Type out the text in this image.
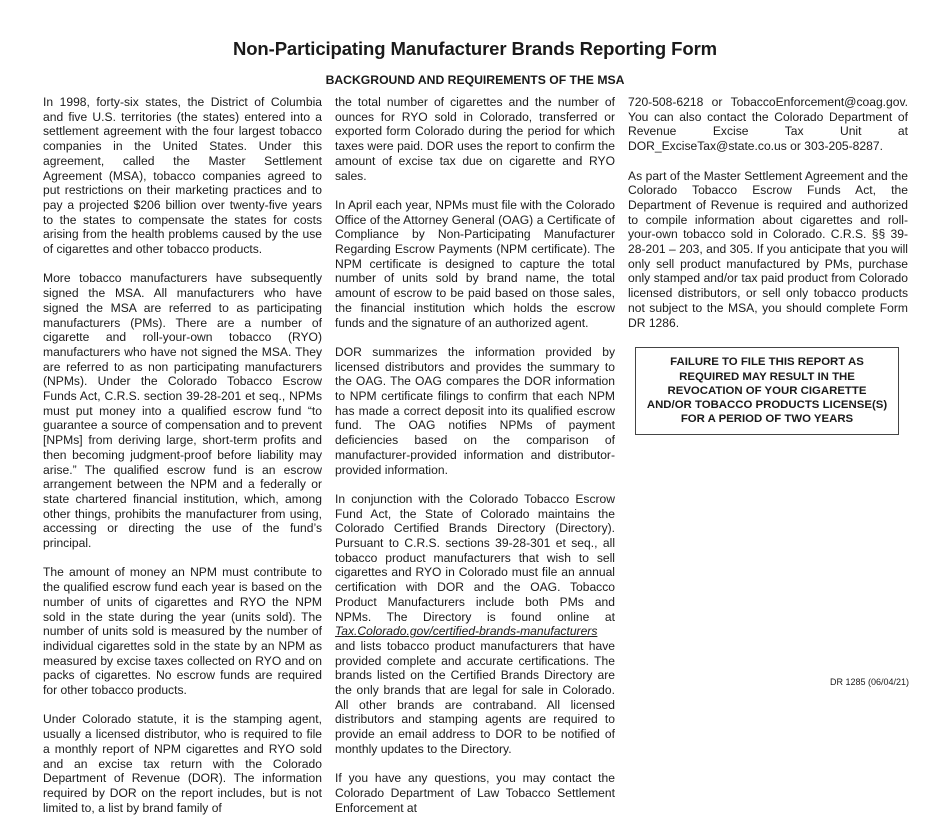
Non-Participating Manufacturer Brands Reporting Form
BACKGROUND AND REQUIREMENTS OF THE MSA

In 1998, forty-six states, the District of Columbia and five U.S. territories (the states) entered into a settlement agreement with the four largest tobacco companies in the United States. Under this agreement, called the Master Settlement Agreement (MSA), tobacco companies agreed to put restrictions on their marketing practices and to pay a projected $206 billion over twenty-five years to the states to compensate the states for costs arising from the health problems caused by the use of cigarettes and other tobacco products.

More tobacco manufacturers have subsequently signed the MSA. All manufacturers who have signed the MSA are referred to as participating manufacturers (PMs). There are a number of cigarette and roll-your-own tobacco (RYO) manufacturers who have not signed the MSA. They are referred to as non participating manufacturers (NPMs). Under the Colorado Tobacco Escrow Funds Act, C.R.S. section 39-28-201 et seq., NPMs must put money into a qualified escrow fund “to guarantee a source of compensation and to prevent [NPMs] from deriving large, short-term profits and then becoming judgment-proof before liability may arise.” The qualified escrow fund is an escrow arrangement between the NPM and a federally or state chartered financial institution, which, among other things, prohibits the manufacturer from using, accessing or directing the use of the fund’s principal.

The amount of money an NPM must contribute to the qualified escrow fund each year is based on the number of units of cigarettes and RYO the NPM sold in the state during the year (units sold). The number of units sold is measured by the number of individual cigarettes sold in the state by an NPM as measured by excise taxes collected on RYO and on packs of cigarettes. No escrow funds are required for other tobacco products.

Under Colorado statute, it is the stamping agent, usually a licensed distributor, who is required to file a monthly report of NPM cigarettes and RYO sold and an excise tax return with the Colorado Department of Revenue (DOR). The information required by DOR on the report includes, but is not limited to, a list by brand family of

the total number of cigarettes and the number of ounces for RYO sold in Colorado, transferred or exported form Colorado during the period for which taxes were paid. DOR uses the report to confirm the amount of excise tax due on cigarette and RYO sales.

In April each year, NPMs must file with the Colorado Office of the Attorney General (OAG) a Certificate of Compliance by Non-Participating Manufacturer Regarding Escrow Payments (NPM certificate). The NPM certificate is designed to capture the total number of units sold by brand name, the total amount of escrow to be paid based on those sales, the financial institution which holds the escrow funds and the signature of an authorized agent.

DOR summarizes the information provided by licensed distributors and provides the summary to the OAG. The OAG compares the DOR information to NPM certificate filings to confirm that each NPM has made a correct deposit into its qualified escrow fund. The OAG notifies NPMs of payment deficiencies based on the comparison of manufacturer-provided information and distributor-provided information.

In conjunction with the Colorado Tobacco Escrow Fund Act, the State of Colorado maintains the Colorado Certified Brands Directory (Directory). Pursuant to C.R.S. sections 39-28-301 et seq., all tobacco product manufacturers that wish to sell cigarettes and RYO in Colorado must file an annual certification with DOR and the OAG. Tobacco Product Manufacturers include both PMs and NPMs. The Directory is found online at Tax.Colorado.gov/certified-brands-manufacturers and lists tobacco product manufacturers that have provided complete and accurate certifications. The brands listed on the Certified Brands Directory are the only brands that are legal for sale in Colorado. All other brands are contraband. All licensed distributors and stamping agents are required to provide an email address to DOR to be notified of monthly updates to the Directory.

If you have any questions, you may contact the Colorado Department of Law Tobacco Settlement Enforcement at

720-508-6218 or TobaccoEnforcement@coag.gov. You can also contact the Colorado Department of Revenue Excise Tax Unit at DOR_ExciseTax@state.co.us or 303-205-8287.

As part of the Master Settlement Agreement and the Colorado Tobacco Escrow Funds Act, the Department of Revenue is required and authorized to compile information about cigarettes and roll-your-own tobacco sold in Colorado. C.R.S. §§ 39-28-201 – 203, and 305. If you anticipate that you will only sell product manufactured by PMs, purchase only stamped and/or tax paid product from Colorado licensed distributors, or sell only tobacco products not subject to the MSA, you should complete Form DR 1286.

FAILURE TO FILE THIS REPORT AS
REQUIRED MAY RESULT IN THE
REVOCATION OF YOUR CIGARETTE
AND/OR TOBACCO PRODUCTS LICENSE(S)
FOR A PERIOD OF TWO YEARS
DR 1285 (06/04/21)
